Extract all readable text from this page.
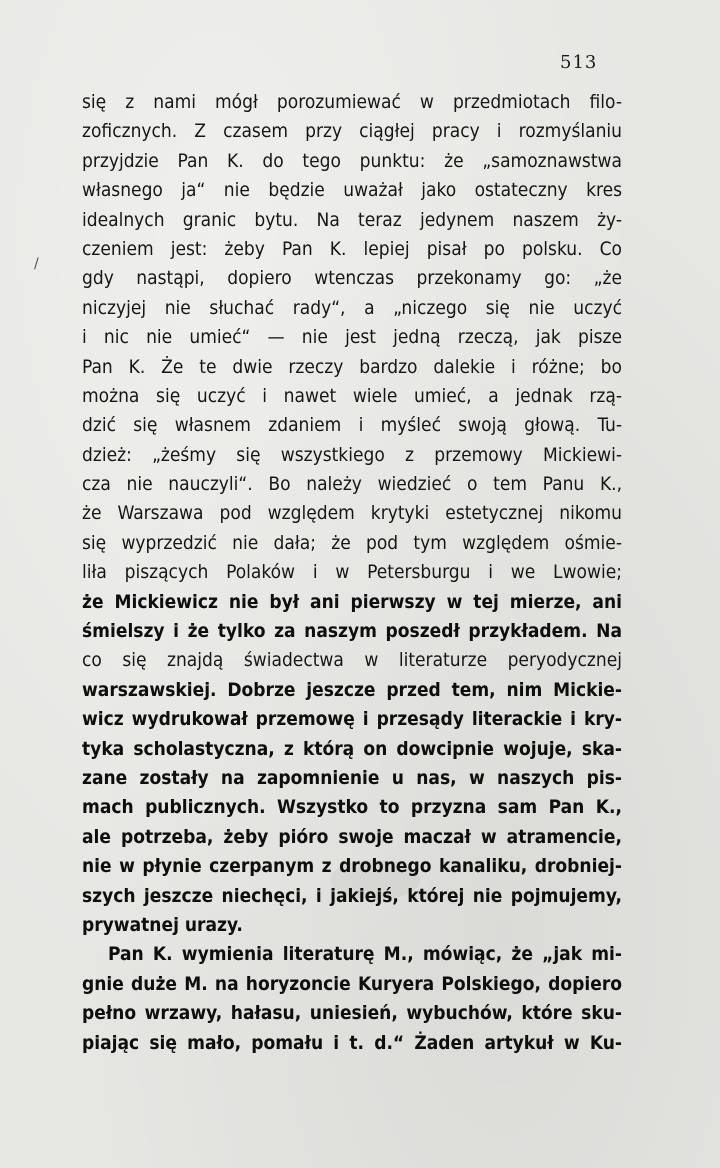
513
/
się z nami mógł porozumiewać w przedmiotach filo-
zoficznych. Z czasem przy ciągłej pracy i rozmyślaniu
przyjdzie Pan K. do tego punktu: że „samoznawstwa
własnego ja“ nie będzie uważał jako ostateczny kres
idealnych granic bytu. Na teraz jedynem naszem ży-
czeniem jest: żeby Pan K. lepiej pisał po polsku. Co
gdy nastąpi, dopiero wtenczas przekonamy go: „że
niczyjej nie słuchać rady“, a „niczego się nie uczyć
i nic nie umieć“ — nie jest jedną rzeczą, jak pisze
Pan K. Że te dwie rzeczy bardzo dalekie i różne; bo
można się uczyć i nawet wiele umieć, a jednak rzą-
dzić się własnem zdaniem i myśleć swoją głową. Tu-
dzież: „żeśmy się wszystkiego z przemowy Mickiewi-
cza nie nauczyli“. Bo należy wiedzieć o tem Panu K.,
że Warszawa pod względem krytyki estetycznej nikomu
się wyprzedzić nie dała; że pod tym względem ośmie-
liła piszących Polaków i w Petersburgu i we Lwowie;
że Mickiewicz nie był ani pierwszy w tej mierze, ani
śmielszy i że tylko za naszym poszedł przykładem. Na
co się znajdą świadectwa w literaturze peryodycznej
warszawskiej. Dobrze jeszcze przed tem, nim Mickie-
wicz wydrukował przemowę i przesądy literackie i kry-
tyka scholastyczna, z którą on dowcipnie wojuje, ska-
zane zostały na zapomnienie u nas, w naszych pis-
mach publicznych. Wszystko to przyzna sam Pan K.,
ale potrzeba, żeby pióro swoje maczał w atramencie,
nie w płynie czerpanym z drobnego kanaliku, drobniej-
szych jeszcze niechęci, i jakiejś, której nie pojmujemy,
prywatnej urazy.
Pan K. wymienia literaturę M., mówiąc, że „jak mi-
gnie duże M. na horyzoncie Kuryera Polskiego, dopiero
pełno wrzawy, hałasu, uniesień, wybuchów, które sku-
piając się mało, pomału i t. d.“ Żaden artykuł w Ku-
